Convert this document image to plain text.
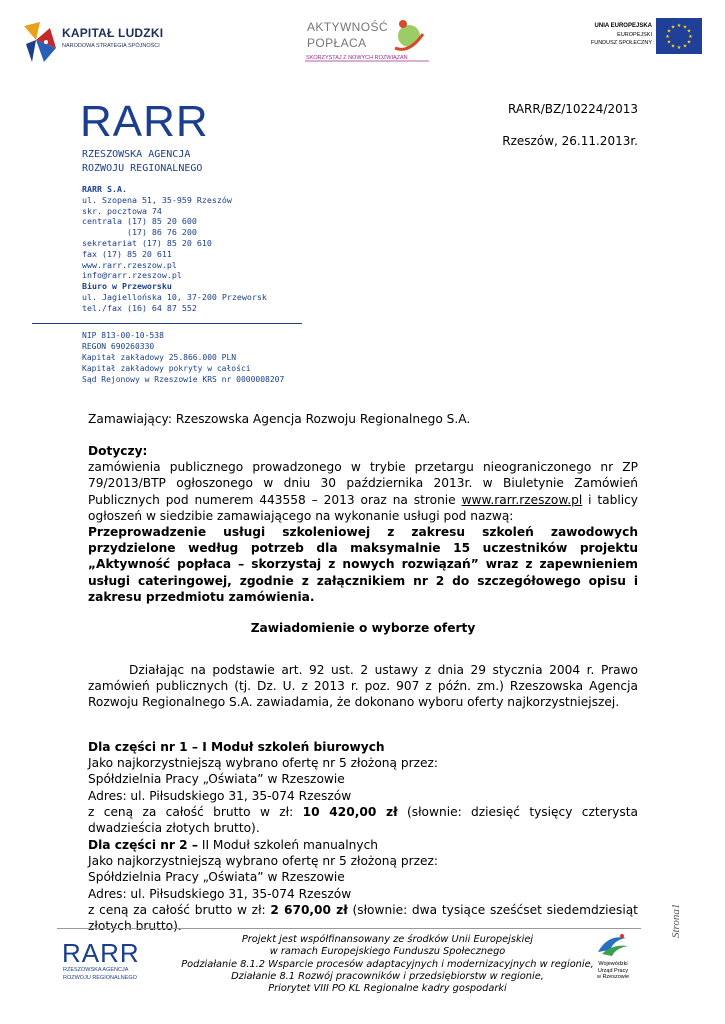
KAPITAŁ LUDZKI
NARODOWA STRATEGIA SPÓJNOŚCI
AKTYWNOŚĆ
POPŁACA
SKORZYSTAJ Z NOWYCH ROZWIĄZAŃ
UNIA EUROPEJSKA
EUROPEJSKI
FUNDUSZ SPOŁECZNY
★ ★
★
★
★
★
★
★
★
★
★
★
RARR
RZESZOWSKA AGENCJA
ROZWOJU REGIONALNEGO
RARR S.A.
ul. Szopena 51, 35-959 Rzeszów
skr. pocztowa 74
centrala (17) 85 20 600
(17) 86 76 200
sekretariat (17) 85 20 610
fax (17) 85 20 611
www.rarr.rzeszow.pl
info@rarr.rzeszow.pl
Biuro w Przeworsku
ul. Jagiellońska 10, 37-200 Przeworsk
tel./fax (16) 64 87 552
NIP 813-00-10-538
REGON 690260330
Kapitał zakładowy 25.866.000 PLN
Kapitał zakładowy pokryty w całości
Sąd Rejonowy w Rzeszowie KRS nr 0000008207
RARR/BZ/10224/2013
Rzeszów, 26.11.2013r.
Zamawiający: Rzeszowska Agencja Rozwoju Regionalnego S.A.
Dotyczy:
zamówienia publicznego prowadzonego w trybie przetargu nieograniczonego nr ZP 79/2013/BTP ogłoszonego w dniu 30 października 2013r. w Biuletynie Zamówień Publicznych pod numerem 443558 – 2013 oraz na stronie www.rarr.rzeszow.pl i tablicy ogłoszeń w siedzibie zamawiającego na wykonanie usługi pod nazwą:
Przeprowadzenie usługi szkoleniowej z zakresu szkoleń zawodowych przydzielone według potrzeb dla maksymalnie 15 uczestników projektu „Aktywność popłaca – skorzystaj z nowych rozwiązań” wraz z zapewnieniem usługi cateringowej, zgodnie z załącznikiem nr 2 do szczegółowego opisu i zakresu przedmiotu zamówienia.
Zawiadomienie o wyborze oferty
Działając na podstawie art. 92 ust. 2 ustawy z dnia 29 stycznia 2004 r. Prawo zamówień publicznych (tj. Dz. U. z 2013 r. poz. 907 z późn. zm.) Rzeszowska Agencja Rozwoju Regionalnego S.A. zawiadamia, że dokonano wyboru oferty najkorzystniejszej.
Dla części nr 1 – I Moduł szkoleń biurowych
Jako najkorzystniejszą wybrano ofertę nr 5 złożoną przez:
Spółdzielnia Pracy „Oświata” w Rzeszowie
Adres: ul. Piłsudskiego 31, 35-074 Rzeszów
z ceną za całość brutto w zł: 10 420,00 zł (słownie: dziesięć tysięcy czterysta dwadzieścia złotych brutto).
Dla części nr 2 – II Moduł szkoleń manualnych
Jako najkorzystniejszą wybrano ofertę nr 5 złożoną przez:
Spółdzielnia Pracy „Oświata” w Rzeszowie
Adres: ul. Piłsudskiego 31, 35-074 Rzeszów
z ceną za całość brutto w zł: 2 670,00 zł (słownie: dwa tysiące sześćset siedemdziesiąt złotych brutto).	Strona1
RARR
RZESZOWSKA AGENCJA
ROZWOJU REGIONALNEGO
Projekt jest współfinansowany ze środków Unii Europejskiej
w ramach Europejskiego Funduszu Społecznego
Podziałanie 8.1.2 Wsparcie procesów adaptacyjnych i modernizacyjnych w regionie,
Działanie 8.1 Rozwój pracowników i przedsiębiorstw w regionie,
Priorytet VIII PO KL Regionalne kadry gospodarki
Wojewódzki
Urząd Pracy
w Rzeszowie
